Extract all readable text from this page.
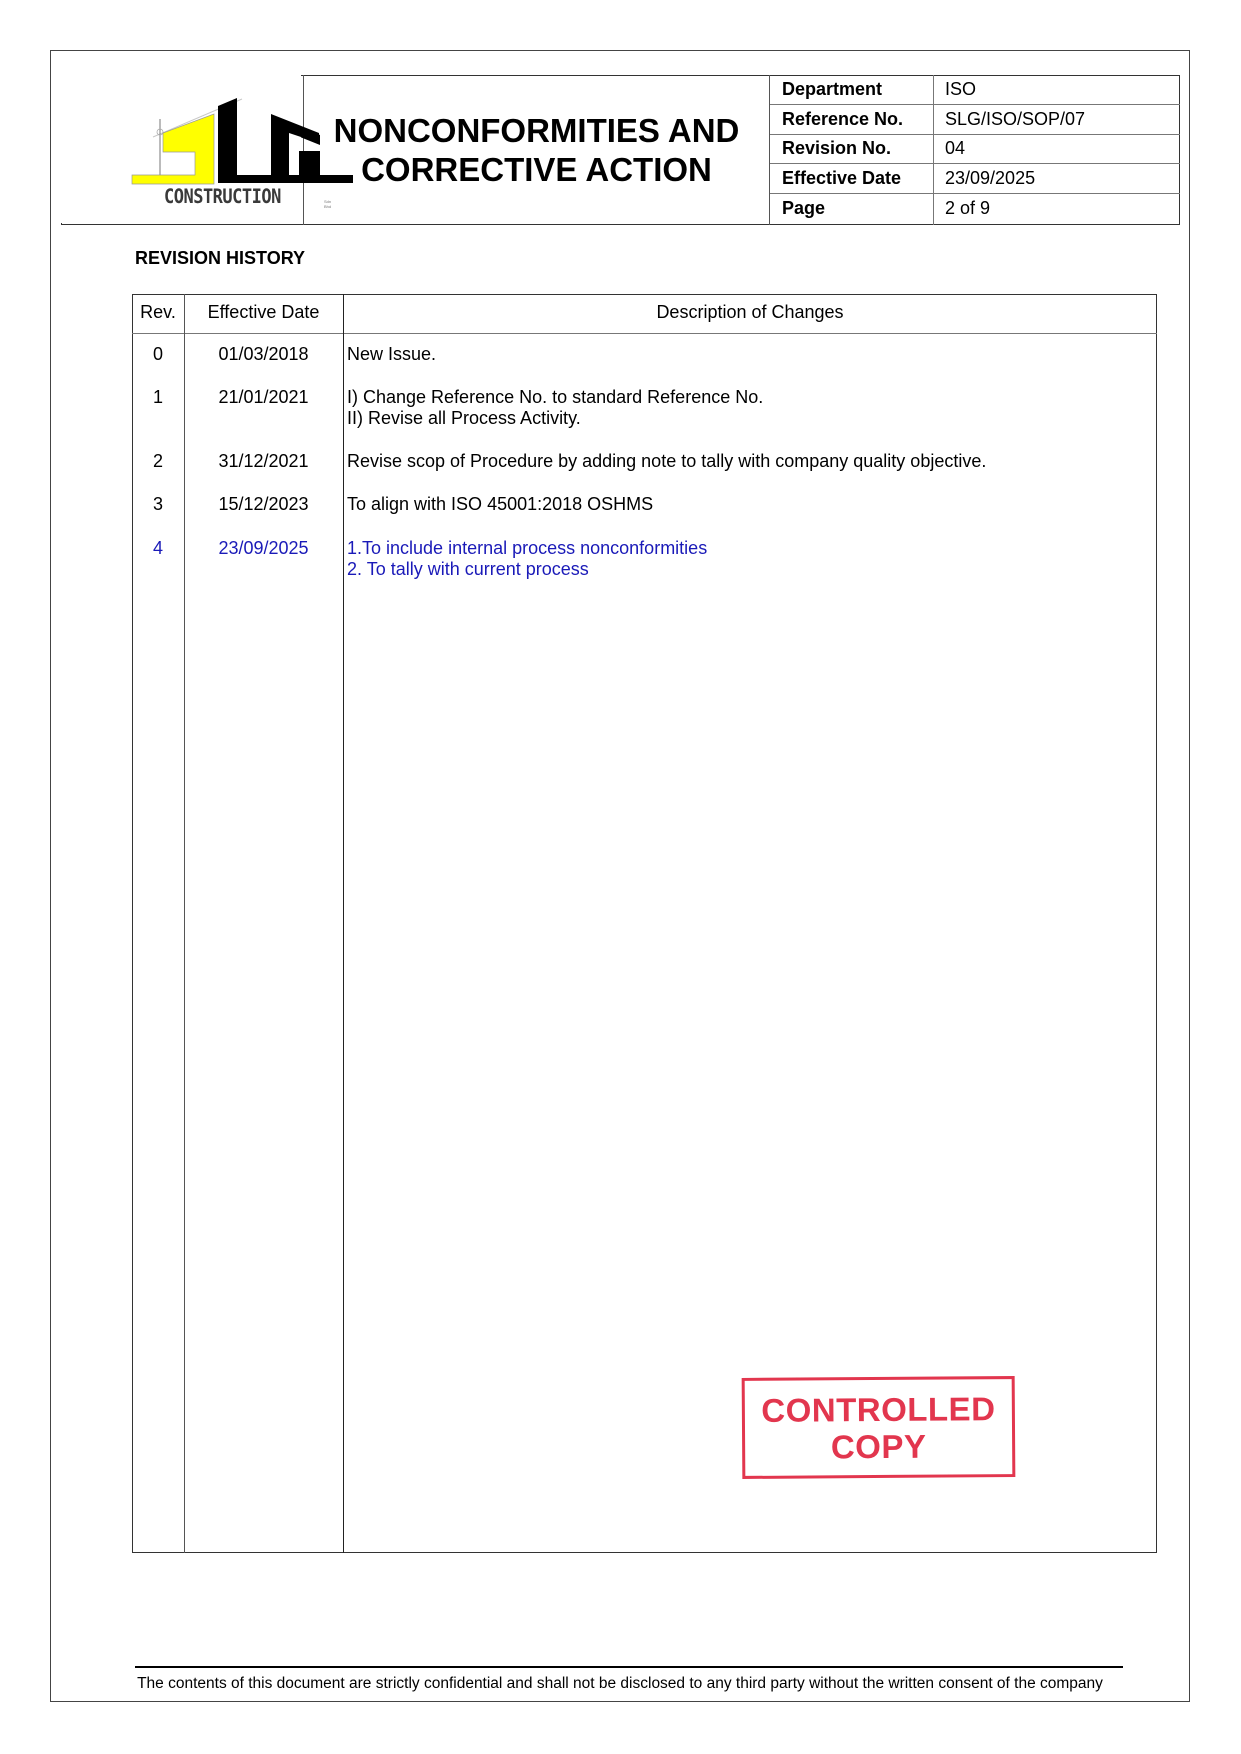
CONSTRUCTION	Sdn Bhd
NONCONFORMITIES AND
CORRECTIVE ACTION
Department	ISO
Reference No. SLG/ISO/SOP/07
Revision No.	04
Effective Date 23/09/2025
Page	2 of 9
REVISION HISTORY
Rev.	Effective Date	Description of Changes
0	01/03/2018	New Issue.
1	21/01/2021	I) Change Reference No. to standard Reference No.
II) Revise all Process Activity.
2	31/12/2021	Revise scop of Procedure by adding note to tally with company quality objective.
3	15/12/2023	To align with ISO 45001:2018 OSHMS
4	23/09/2025	1.To include internal process nonconformities
2. To tally with current process
CONTROLLED
COPY
The contents of this document are strictly confidential and shall not be disclosed to any third party without the written consent of the company
